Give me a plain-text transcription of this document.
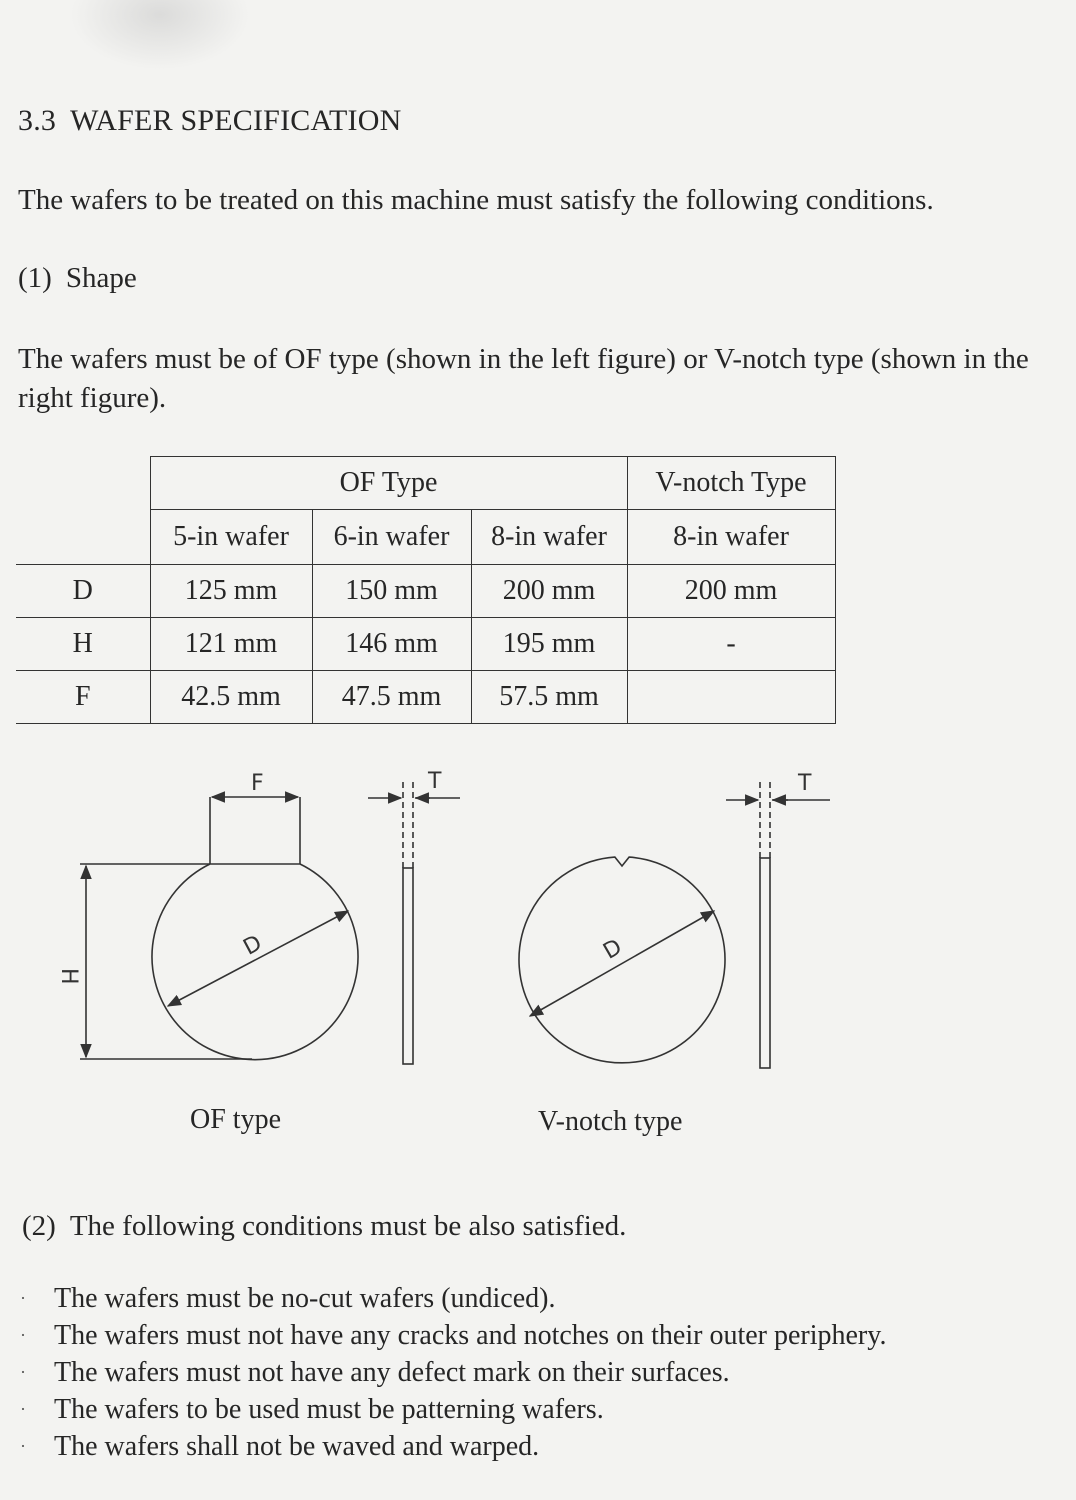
3.3 WAFER SPECIFICATION
The wafers to be treated on this machine must satisfy the following conditions.
(1) Shape
The wafers must be of OF type (shown in the left figure) or V-notch type (shown in the right figure).
	OF Type			V-notch Type
	5-in wafer	6-in wafer	8-in wafer	8-in wafer
D	125 mm	150 mm	200 mm	200 mm
H	121 mm	146 mm	195 mm	-
F	42.5 mm	47.5 mm	57.5 mm	
F	T
H
D
T
D
OF type	V-notch type
(2) The following conditions must be also satisfied.
·	The wafers must be no-cut wafers (undiced).
·	The wafers must not have any cracks and notches on their outer periphery.
·	The wafers must not have any defect mark on their surfaces.
·	The wafers to be used must be patterning wafers.
·	The wafers shall not be waved and warped.
